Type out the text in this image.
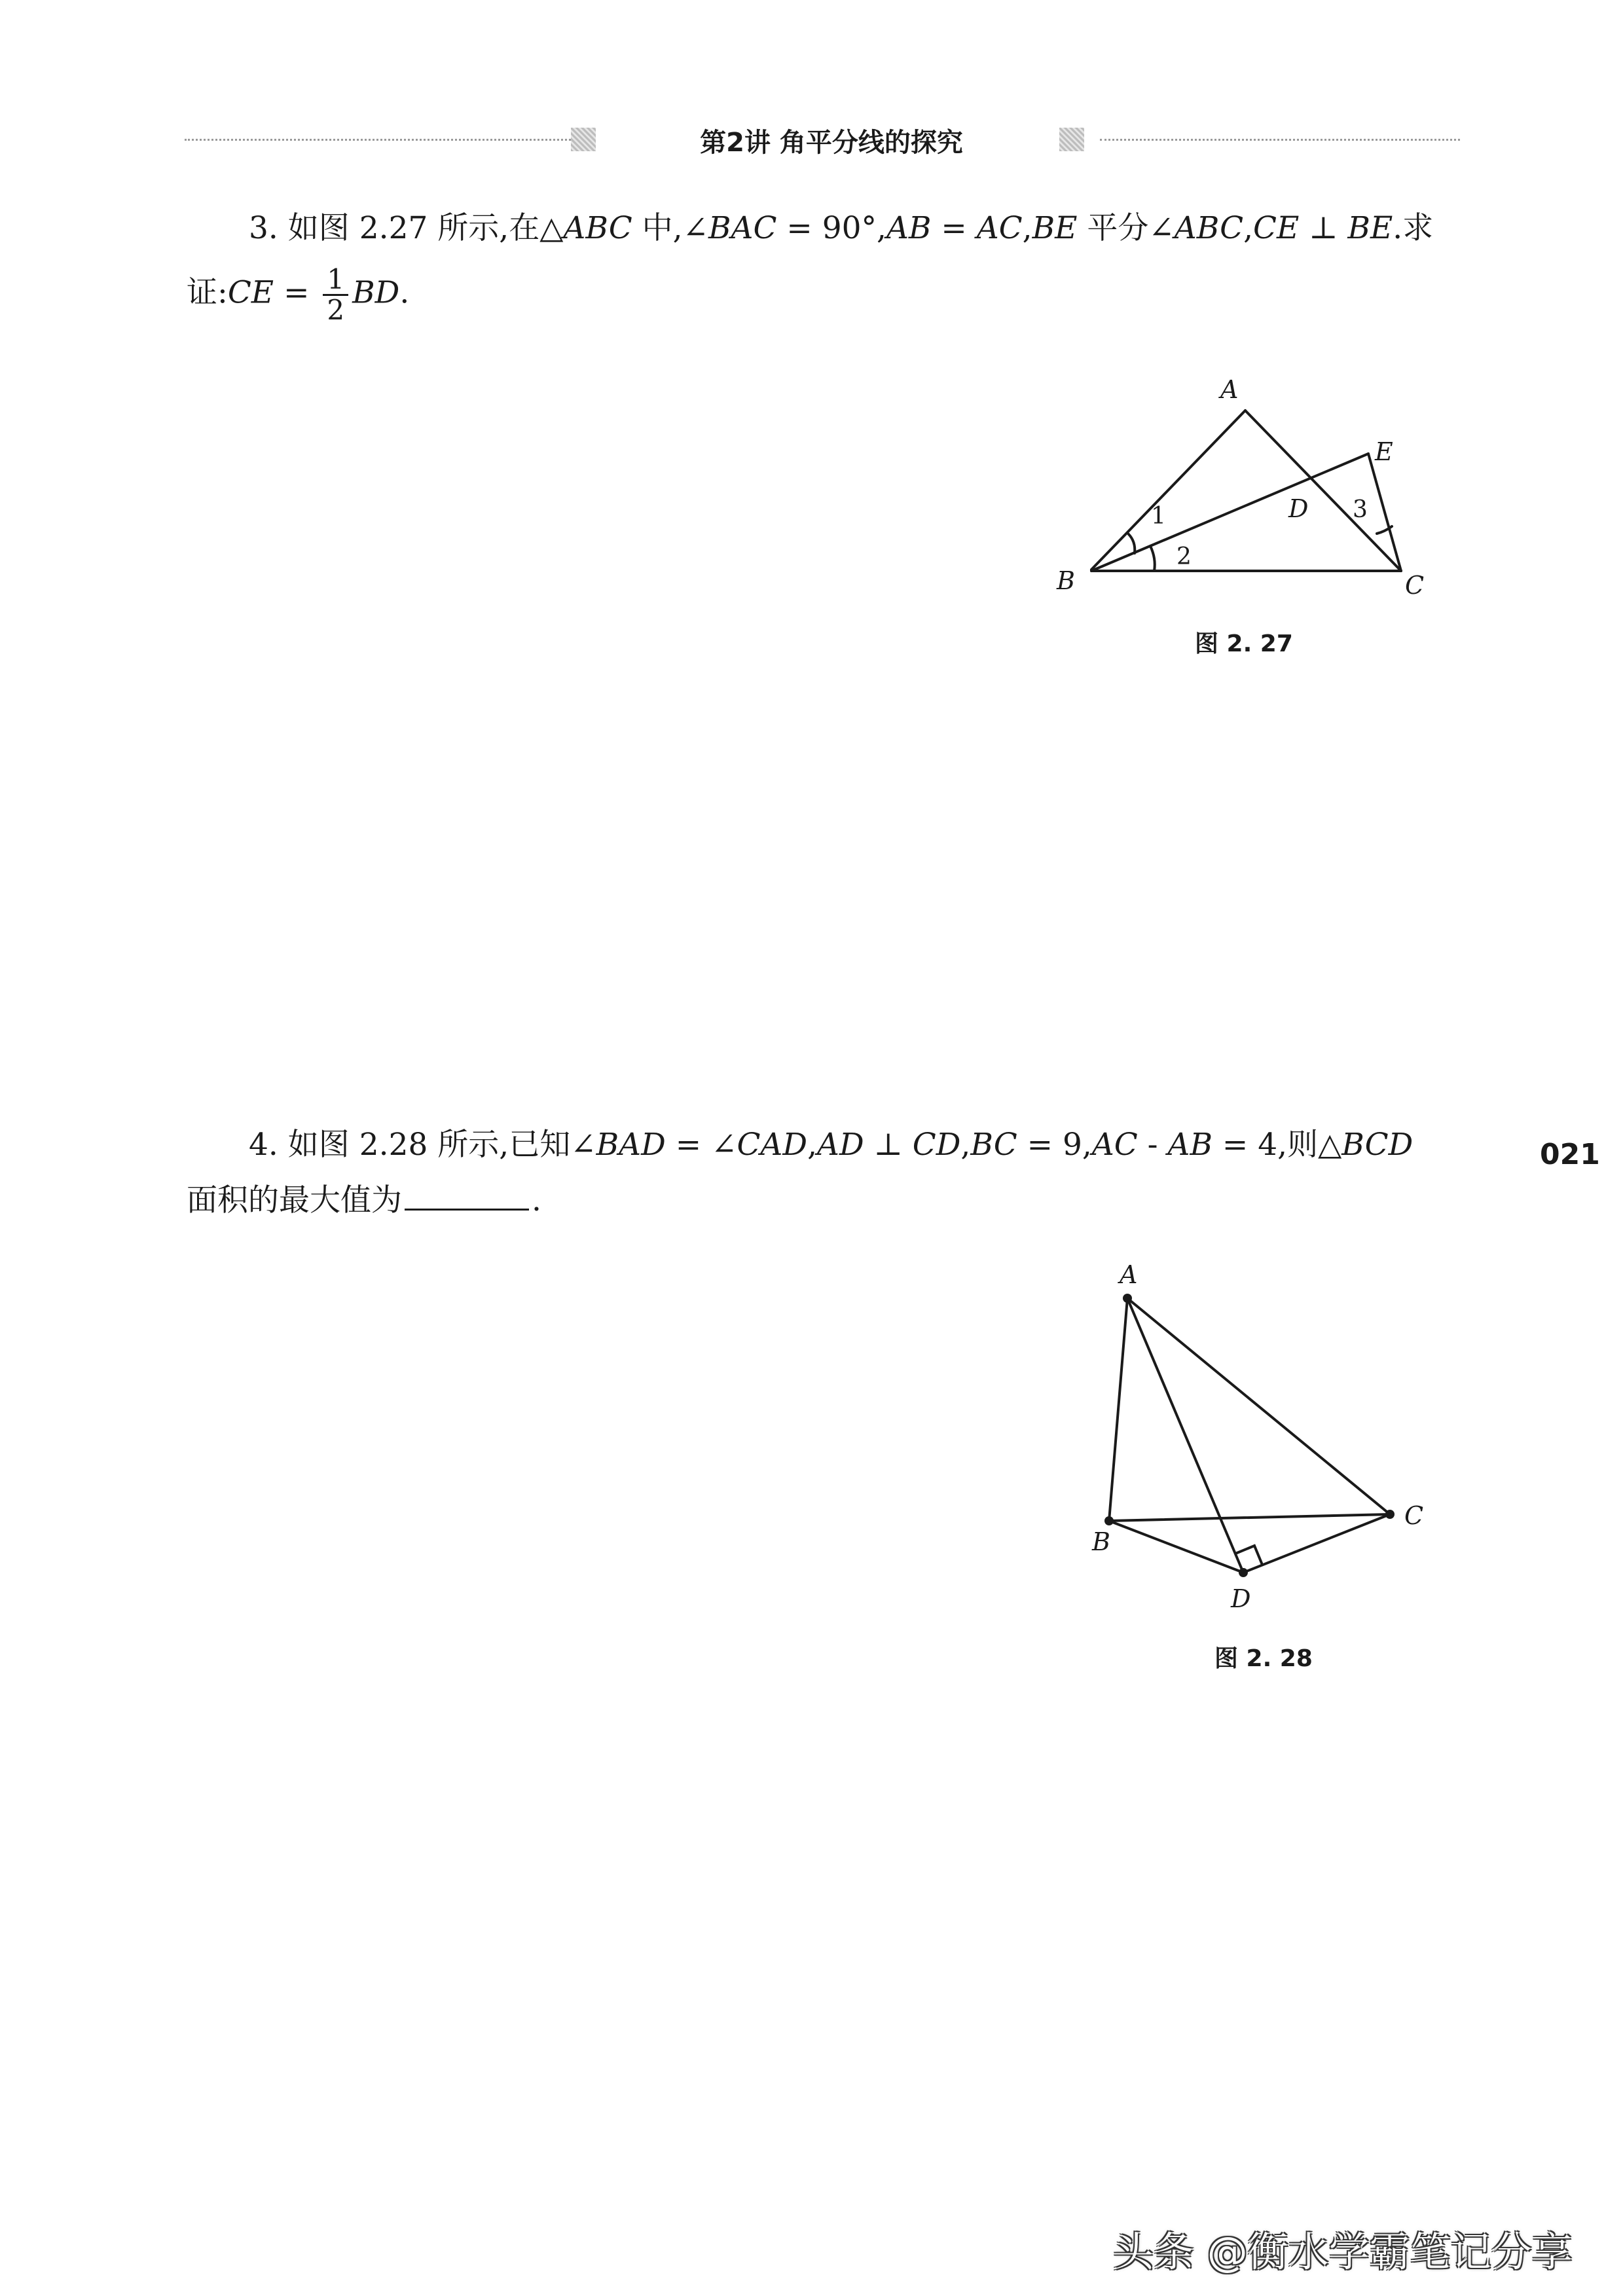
第2讲 角平分线的探究
3. 如图 2.27 所示,在△ABC 中,∠BAC = 90°,AB = AC,BE 平分∠ABC,CE ⊥ BE.求
证:CE = $\frac{1}{2}$ BD.
A
E
D
B	C
1
2
3
图 2. 27
4. 如图 2.28 所示,已知∠BAD = ∠CAD,AD ⊥ CD,BC = 9,AC - AB = 4,则△BCD
面积的最大值为	.
A
B
C
D
图 2. 28
021
头条 @衡水学霸笔记分享
